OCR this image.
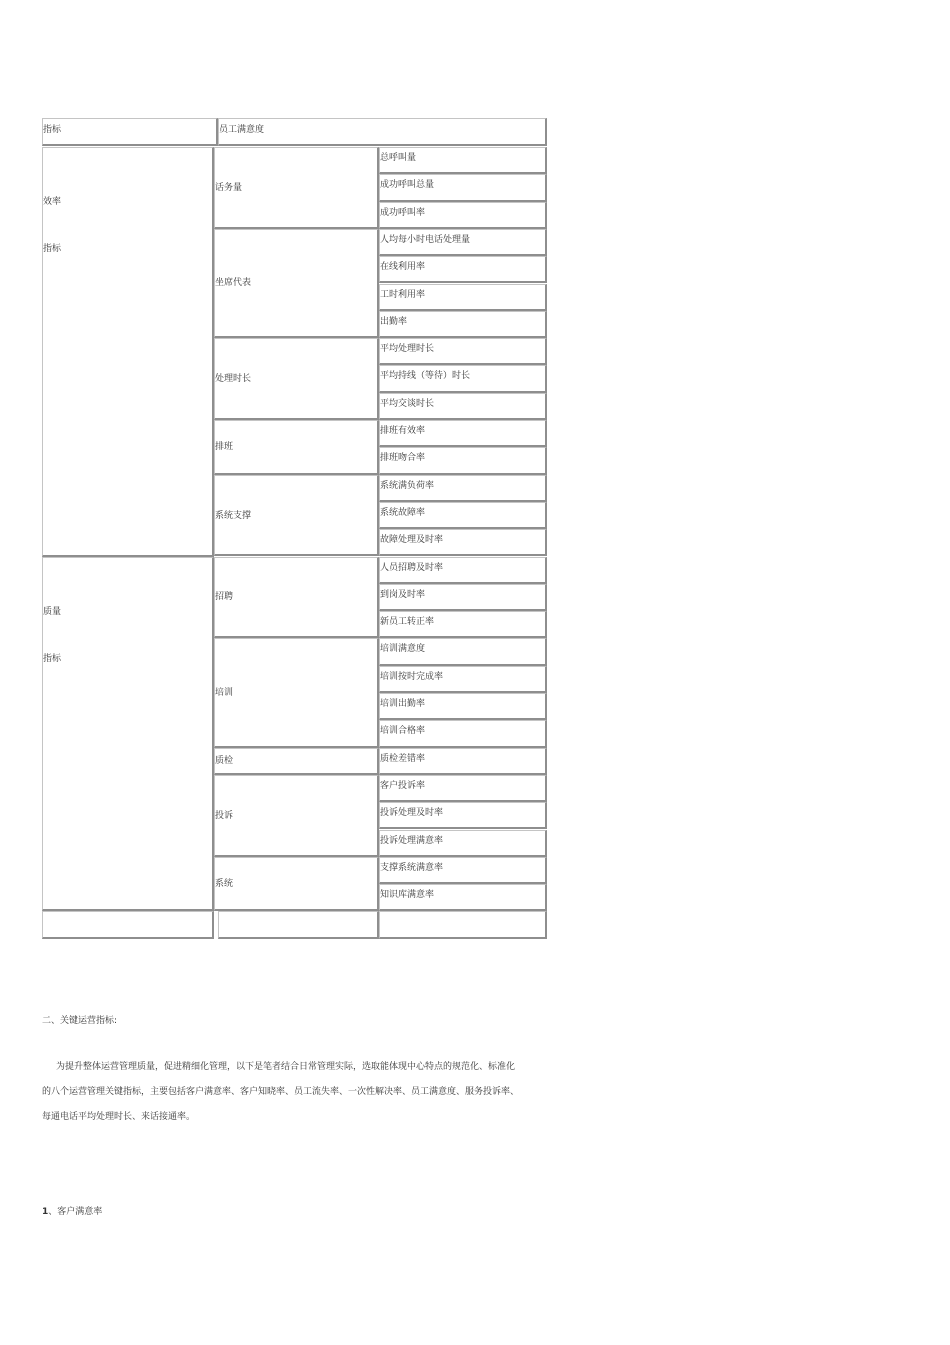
指标	员工满意度
效率
指标
话务量
总呼叫量
成功呼叫总量
成功呼叫率
坐席代表
人均每小时电话处理量
在线利用率
工时利用率
出勤率
处理时长
平均处理时长
平均持线（等待）时长
平均交谈时长
排班
排班有效率
排班吻合率
系统支撑
系统满负荷率
系统故障率
故障处理及时率
质量
指标
招聘
人员招聘及时率
到岗及时率
新员工转正率
培训
培训满意度
培训按时完成率
培训出勤率
培训合格率
质检	质检差错率
投诉
客户投诉率
投诉处理及时率
投诉处理满意率
系统
支撑系统满意率
知识库满意率
二、关键运营指标:

为提升整体运营管理质量，促进精细化管理，以下是笔者结合日常管理实际，选取能体现中心特点的规范化、标准化

的八个运营管理关键指标，主要包括客户满意率、客户知晓率、员工流失率、一次性解决率、员工满意度、服务投诉率、

每通电话平均处理时长、来话接通率。

1、客户满意率
